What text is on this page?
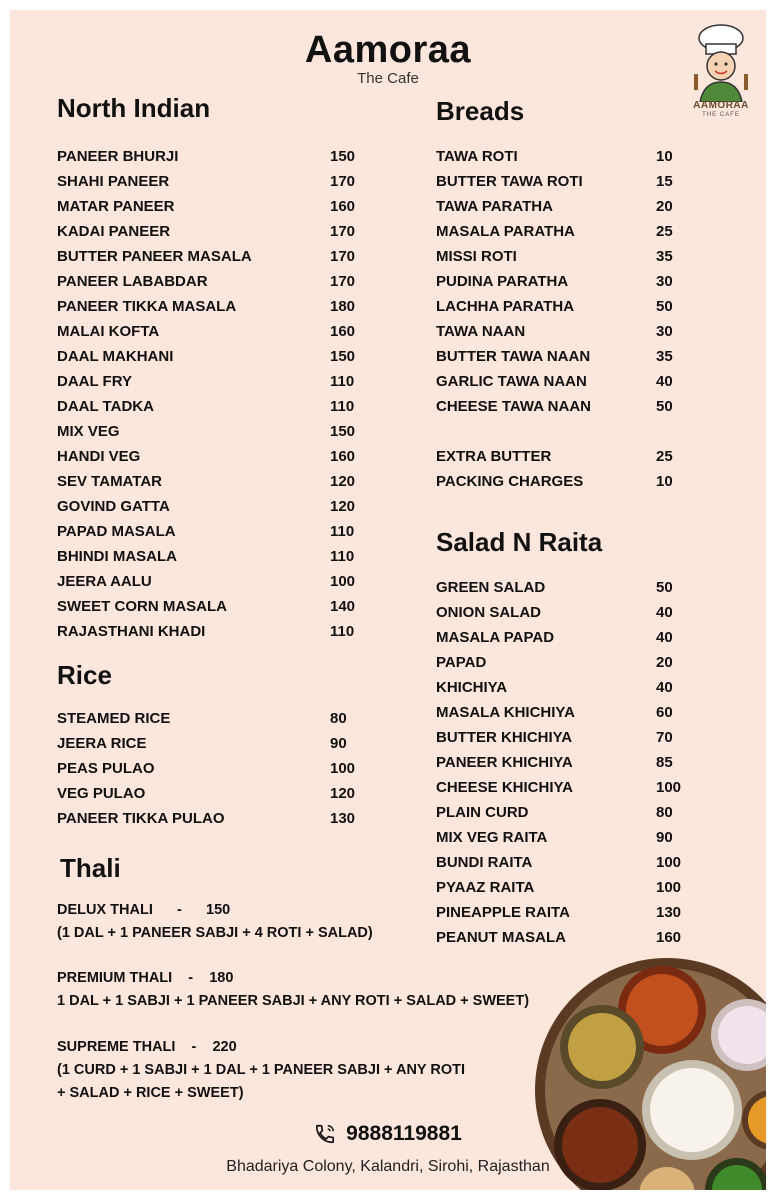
Aamoraa
The Cafe
AAMORAA
THE CAFE
North Indian
PANEER BHURJI	150
SHAHI PANEER	170
MATAR PANEER	160
KADAI PANEER	170
BUTTER PANEER MASALA	170
PANEER LABABDAR	170
PANEER TIKKA MASALA	180
MALAI KOFTA	160
DAAL MAKHANI	150
DAAL FRY	110
DAAL TADKA	110
MIX VEG	150
HANDI VEG	160
SEV TAMATAR	120
GOVIND GATTA	120
PAPAD MASALA	110
BHINDI MASALA	110
JEERA AALU	100
SWEET CORN MASALA	140
RAJASTHANI KHADI	110
Rice
STEAMED RICE	80
JEERA RICE	90
PEAS PULAO	100
VEG PULAO	120
PANEER TIKKA PULAO	130
Thali
DELUX THALI      -      150
(1 DAL + 1 PANEER SABJI + 4 ROTI + SALAD)
PREMIUM THALI    -    180
1 DAL + 1 SABJI + 1 PANEER SABJI + ANY ROTI + SALAD + SWEET)
SUPREME THALI    -    220
(1 CURD + 1 SABJI + 1 DAL + 1 PANEER SABJI + ANY ROTI
+ SALAD + RICE + SWEET)
Breads
TAWA ROTI	10
BUTTER TAWA ROTI	15
TAWA PARATHA	20
MASALA PARATHA	25
MISSI ROTI	35
PUDINA PARATHA	30
LACHHA PARATHA	50
TAWA NAAN	30
BUTTER TAWA NAAN	35
GARLIC TAWA NAAN	40
CHEESE TAWA NAAN	50
EXTRA BUTTER	25
PACKING CHARGES	10
Salad N Raita
GREEN SALAD	50
ONION SALAD	40
MASALA PAPAD	40
PAPAD	20
KHICHIYA	40
MASALA KHICHIYA	60
BUTTER KHICHIYA	70
PANEER KHICHIYA	85
CHEESE KHICHIYA	100
PLAIN CURD	80
MIX VEG RAITA	90
BUNDI RAITA	100
PYAAZ RAITA	100
PINEAPPLE RAITA	130
PEANUT MASALA	160
9888119881
Bhadariya Colony, Kalandri, Sirohi, Rajasthan
